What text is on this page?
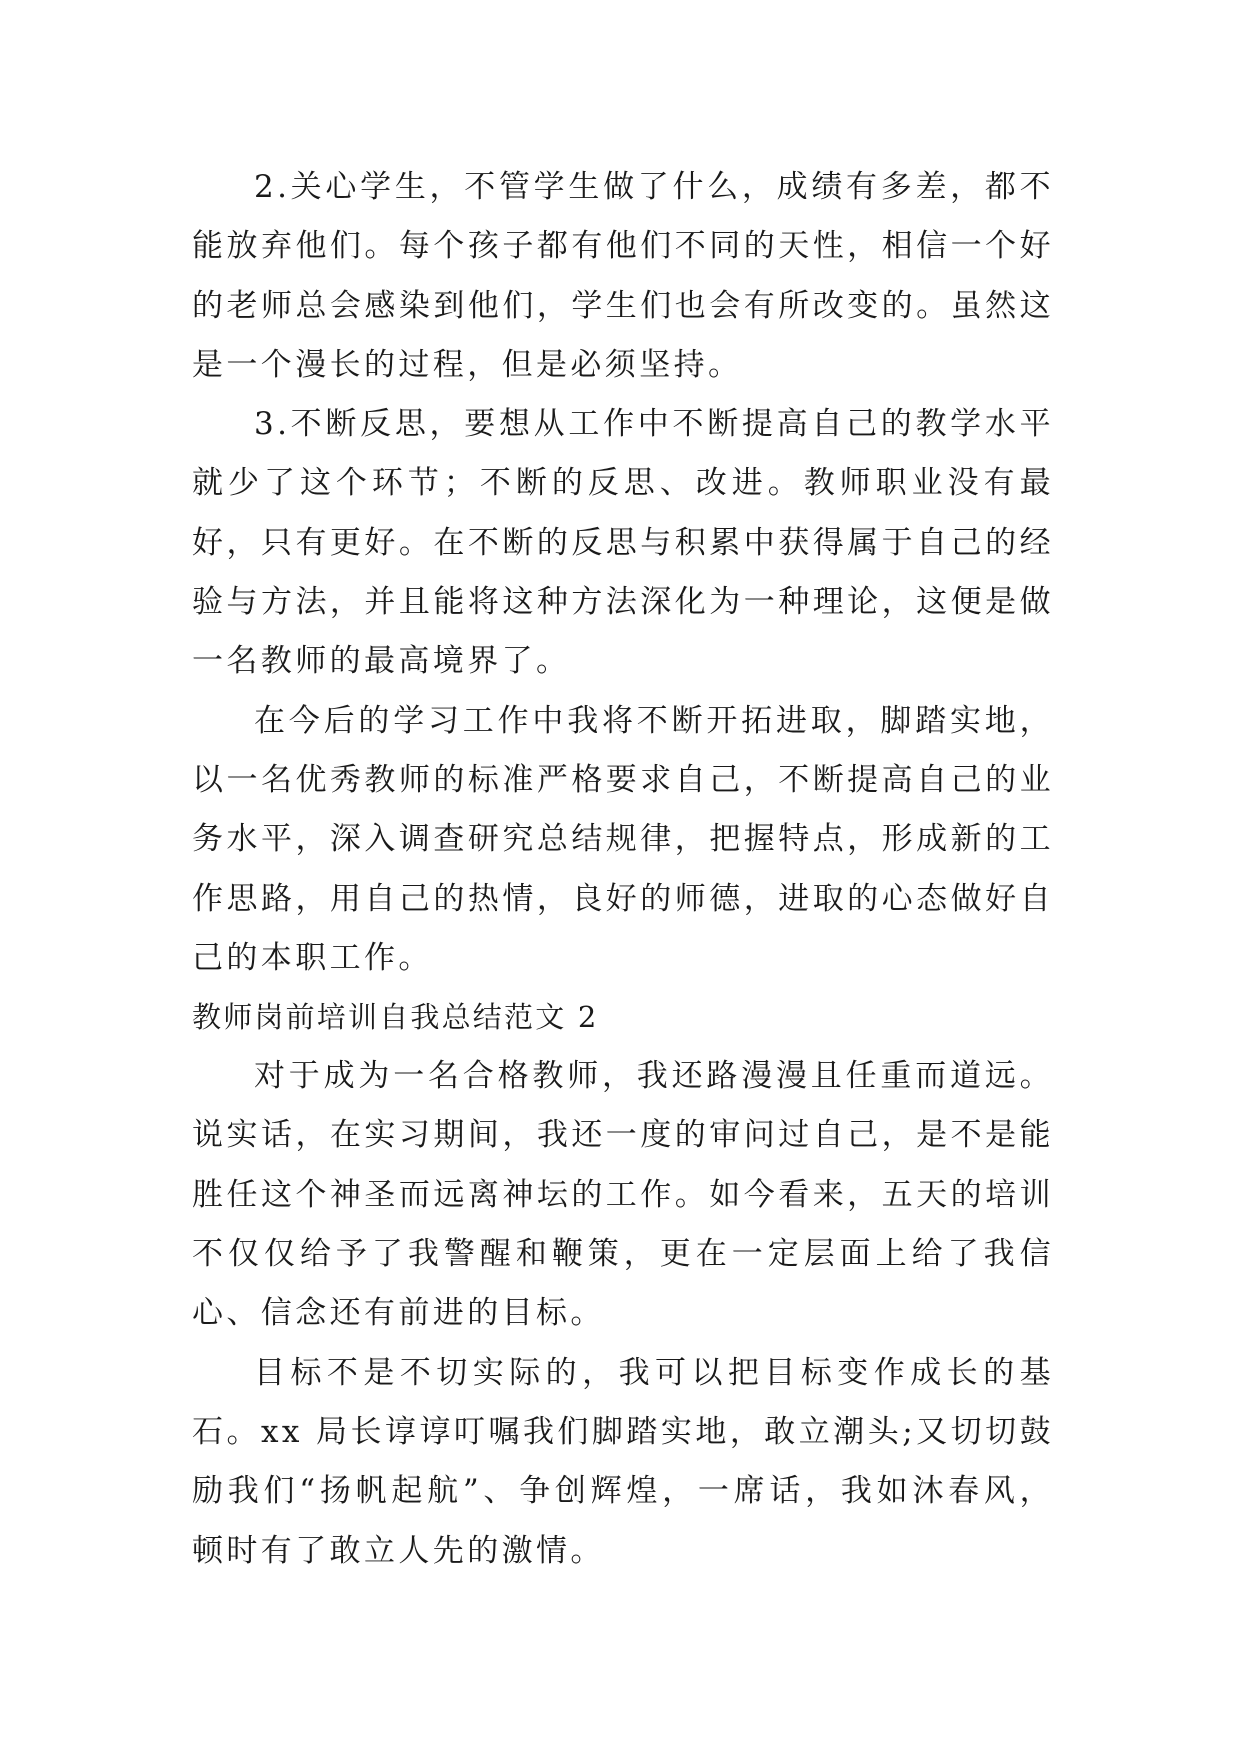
2.关心学生，不管学生做了什么，成绩有多差，都不能放弃他们。每个孩子都有他们不同的天性，相信一个好的老师总会感染到他们，学生们也会有所改变的。虽然这是一个漫长的过程，但是必须坚持。

3.不断反思，要想从工作中不断提高自己的教学水平就少了这个环节；不断的反思、改进。教师职业没有最好，只有更好。在不断的反思与积累中获得属于自己的经验与方法，并且能将这种方法深化为一种理论，这便是做一名教师的最高境界了。

在今后的学习工作中我将不断开拓进取，脚踏实地，以一名优秀教师的标准严格要求自己，不断提高自己的业务水平，深入调查研究总结规律，把握特点，形成新的工作思路，用自己的热情，良好的师德，进取的心态做好自己的本职工作。

教师岗前培训自我总结范文 2

对于成为一名合格教师，我还路漫漫且任重而道远。说实话，在实习期间，我还一度的审问过自己，是不是能胜任这个神圣而远离神坛的工作。如今看来，五天的培训不仅仅给予了我警醒和鞭策，更在一定层面上给了我信心、信念还有前进的目标。

目标不是不切实际的，我可以把目标变作成长的基石。xx 局长谆谆叮嘱我们脚踏实地，敢立潮头;又切切鼓励我们“扬帆起航”、争创辉煌，一席话，我如沐春风，顿时有了敢立人先的激情。
